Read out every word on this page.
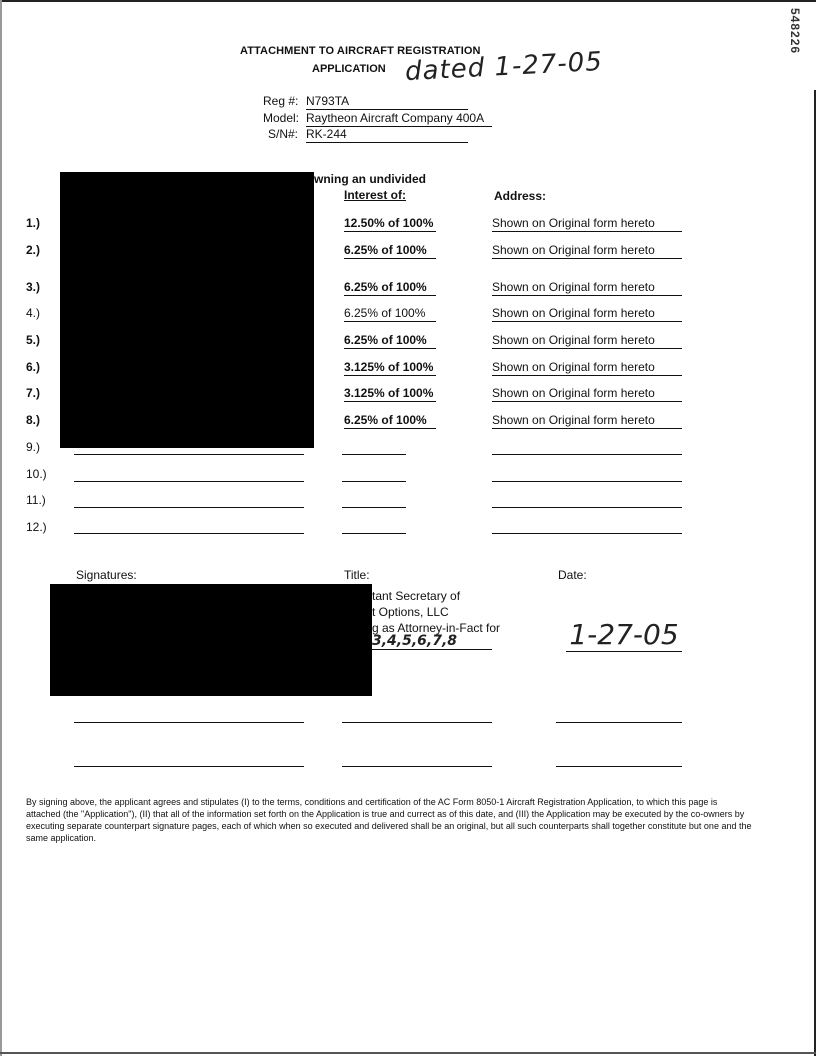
ATTACHMENT TO AIRCRAFT REGISTRATION
APPLICATION dated 1-27-05
548226
Reg #: N793TA
Model: Raytheon Aircraft Company 400A
S/N#: RK-244
wning an undivided
Interest of:	Address:
1.)	12.50% of 100%	Shown on Original form hereto
2.)	6.25% of 100%	Shown on Original form hereto
3.)	6.25% of 100%	Shown on Original form hereto
4.)	6.25% of 100%	Shown on Original form hereto
5.)	6.25% of 100%	Shown on Original form hereto
6.)	3.125% of 100%	Shown on Original form hereto
7.)	3.125% of 100%	Shown on Original form hereto
8.)	6.25% of 100%	Shown on Original form hereto
9.)
10.)
11.)
12.)
Signatures:	Title:	Date:
tant Secretary of
t Options, LLC
g as Attorney-in-Fact for
3,4,5,6,7,8	1-27-05
By signing above, the applicant agrees and stipulates (I) to the terms, conditions and certification of the AC Form 8050-1 Aircraft Registration Application, to which this page is attached (the "Application"), (II) that all of the information set forth on the Application is true and currect as of this date, and (III) the Application may be executed by the co-owners by executing separate counterpart signature pages, each of which when so executed and delivered shall be an original, but all such counterparts shall together constitute but one and the same application.
